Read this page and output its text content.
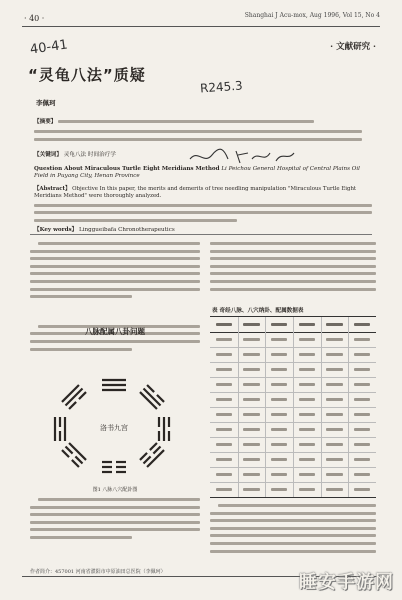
· 40 ·	Shanghai J Acu-mox, Aug 1996, Vol 15, No 4
· 文献研究 ·
40-41
R245.3
“灵龟八法”质疑
李佩珂
【摘要】
【关键词】 灵龟八法 时间治疗学
Question About Miraculous Turtle Eight Meridians Method Li Peichou General Hospital of Central Plains Oil Field in Puyang City, Henan Province
【Abstract】 Objective In this paper, the merits and demerits of tree needling manipulation "Miraculous Turtle Eight Meridians Method" were thoroughly analyzed.
【Key words】 Linggueibafa Chronotherapeutics
八脉配属八卦问题
洛书九宫
图1 八脉八穴配卦图
表 奇经八脉、八穴纳卦、配属数据表
作者简介：457001 河南省濮阳市中原油田总医院（李佩珂）	睡安手游网
